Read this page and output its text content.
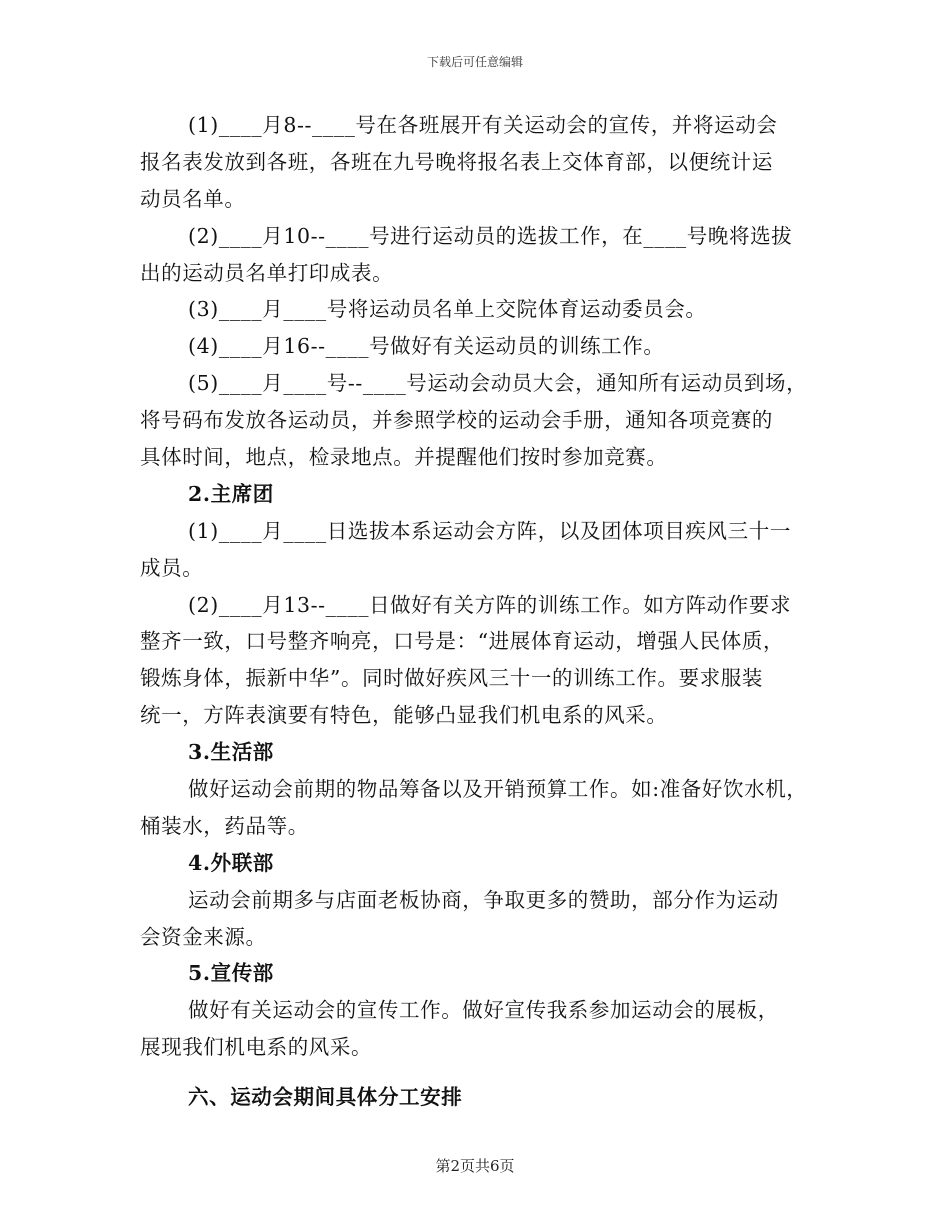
下载后可任意编辑
(1)____月8--____号在各班展开有关运动会的宣传，并将运动会
报名表发放到各班，各班在九号晚将报名表上交体育部，以便统计运
动员名单。
(2)____月10--____号进行运动员的选拔工作，在____号晚将选拔
出的运动员名单打印成表。
(3)____月____号将运动员名单上交院体育运动委员会。
(4)____月16--____号做好有关运动员的训练工作。
(5)____月____号--____号运动会动员大会，通知所有运动员到场，
将号码布发放各运动员，并参照学校的运动会手册，通知各项竞赛的
具体时间，地点，检录地点。并提醒他们按时参加竞赛。
2.主席团
(1)____月____日选拔本系运动会方阵，以及团体项目疾风三十一
成员。
(2)____月13--____日做好有关方阵的训练工作。如方阵动作要求
整齐一致，口号整齐响亮，口号是：“进展体育运动，增强人民体质，
锻炼身体，振新中华”。同时做好疾风三十一的训练工作。要求服装
统一，方阵表演要有特色，能够凸显我们机电系的风采。
3.生活部
做好运动会前期的物品筹备以及开销预算工作。如:准备好饮水机，
桶装水，药品等。
4.外联部
运动会前期多与店面老板协商，争取更多的赞助，部分作为运动
会资金来源。
5.宣传部
做好有关运动会的宣传工作。做好宣传我系参加运动会的展板，
展现我们机电系的风采。
六、运动会期间具体分工安排
第2页共6页
